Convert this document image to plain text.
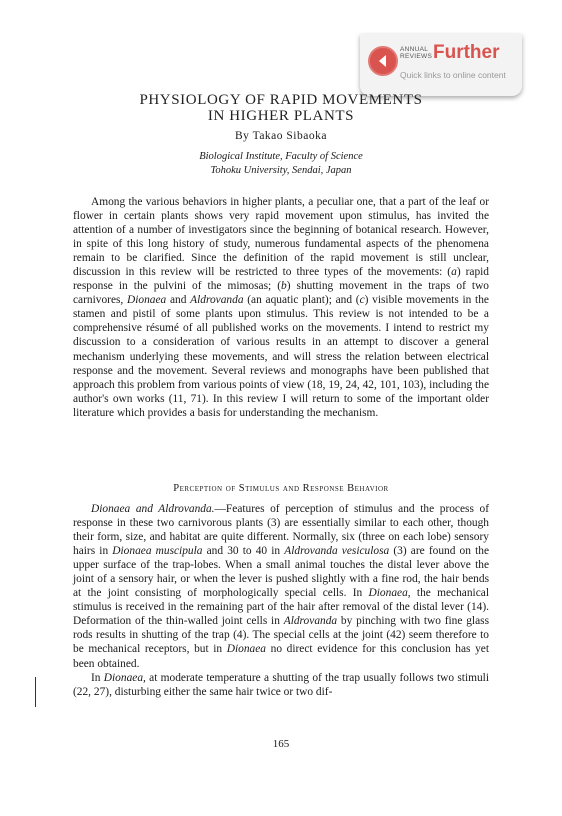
ANNUAL
REVIEWS Further
Quick links to online content
PHYSIOLOGY OF RAPID MOVEMENTS
IN HIGHER PLANTS
By Takao Sibaoka
Biological Institute, Faculty of Science
Tohoku University, Sendai, Japan

Among the various behaviors in higher plants, a peculiar one, that a part of the leaf or flower in certain plants shows very rapid movement upon stimulus, has invited the attention of a number of investigators since the beginning of botanical research. However, in spite of this long history of study, numerous fundamental aspects of the phenomena remain to be clarified. Since the definition of the rapid movement is still unclear, discussion in this review will be restricted to three types of the movements: (a) rapid response in the pulvini of the mimosas; (b) shutting movement in the traps of two carnivores, Dionaea and Aldrovanda (an aquatic plant); and (c) visible movements in the stamen and pistil of some plants upon stimulus. This review is not intended to be a comprehensive résumé of all published works on the movements. I intend to restrict my discussion to a consideration of various results in an attempt to discover a general mechanism underlying these movements, and will stress the relation between electrical response and the movement. Several reviews and monographs have been published that approach this problem from various points of view (18, 19, 24, 42, 101, 103), including the author's own works (11, 71). In this review I will return to some of the important older literature which provides a basis for understanding the mechanism.

Perception of Stimulus and Response Behavior

Dionaea and Aldrovanda.—Features of perception of stimulus and the process of response in these two carnivorous plants (3) are essentially similar to each other, though their form, size, and habitat are quite different. Normally, six (three on each lobe) sensory hairs in Dionaea muscipula and 30 to 40 in Aldrovanda vesiculosa (3) are found on the upper surface of the trap-lobes. When a small animal touches the distal lever above the joint of a sensory hair, or when the lever is pushed slightly with a fine rod, the hair bends at the joint consisting of morphologically special cells. In Dionaea, the mechanical stimulus is received in the remaining part of the hair after removal of the distal lever (14). Deformation of the thin-walled joint cells in Aldrovanda by pinching with two fine glass rods results in shutting of the trap (4). The special cells at the joint (42) seem therefore to be mechanical receptors, but in Dionaea no direct evidence for this conclusion has yet been obtained.

In Dionaea, at moderate temperature a shutting of the trap usually follows two stimuli (22, 27), disturbing either the same hair twice or two dif-

165
